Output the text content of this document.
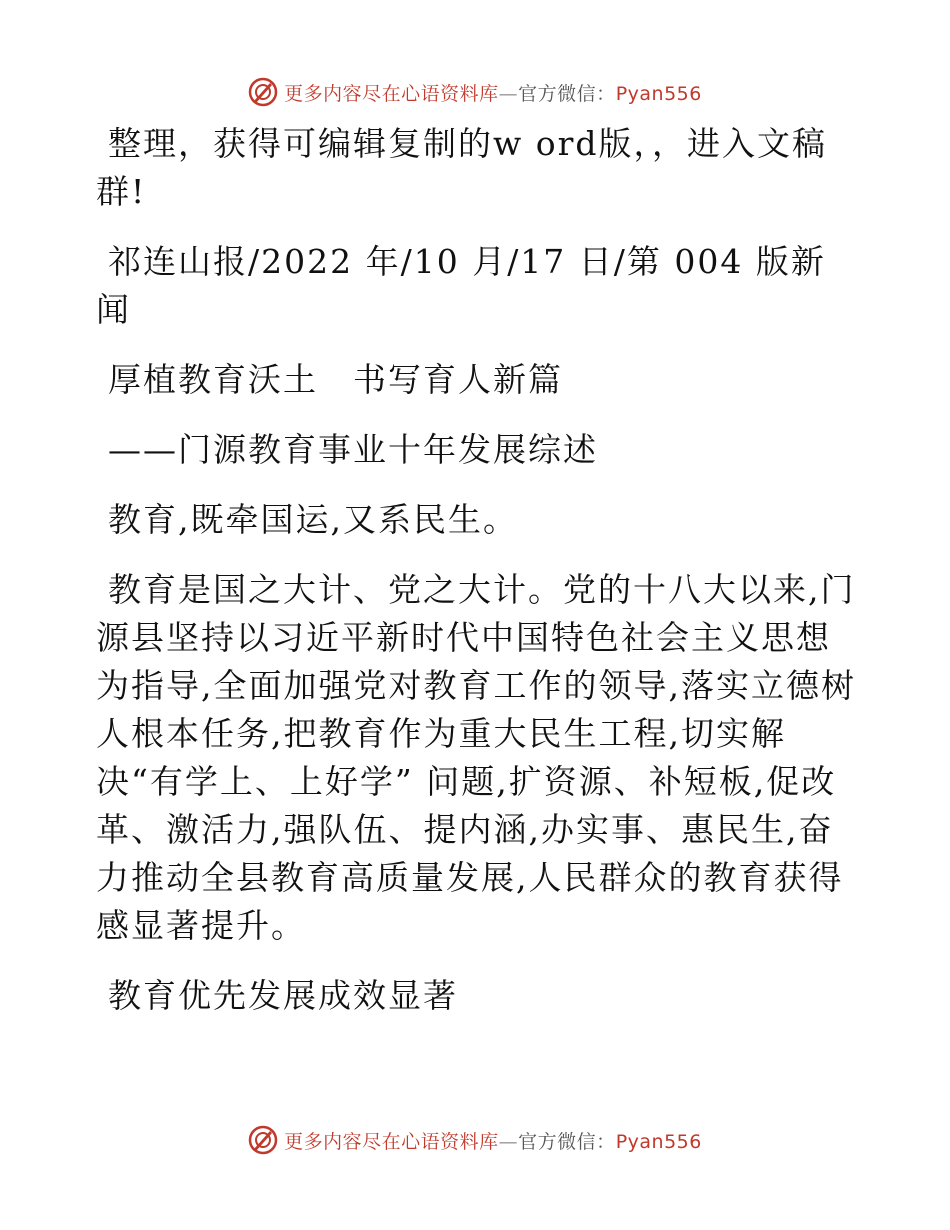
更多内容尽在心语资料库—官方微信：Pyan556

整理，获得可编辑复制的w ord版，，进入文稿群!

祁连山报/2022 年/10 月/17 日/第 004 版新闻

厚植教育沃土　书写育人新篇

——门源教育事业十年发展综述

教育,既牵国运,又系民生。

教育是国之大计、党之大计。党的十八大以来,门源县坚持以习近平新时代中国特色社会主义思想为指导,全面加强党对教育工作的领导,落实立德树人根本任务,把教育作为重大民生工程,切实解决“有学上、上好学” 问题,扩资源、补短板,促改革、激活力,强队伍、提内涵,办实事、惠民生,奋力推动全县教育高质量发展,人民群众的教育获得感显著提升。

教育优先发展成效显著

更多内容尽在心语资料库—官方微信：Pyan556
